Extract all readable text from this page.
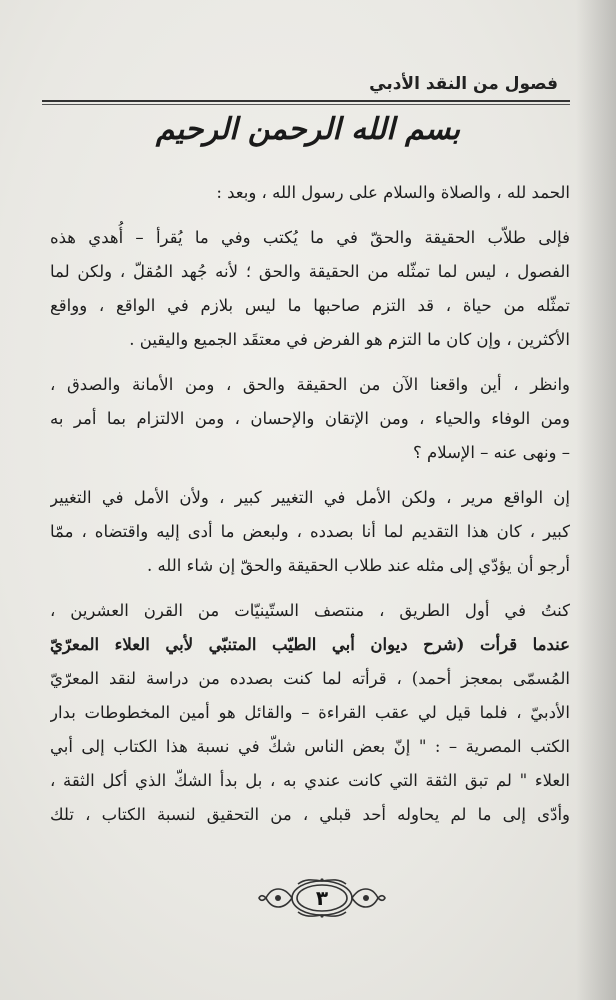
فصول من النقد الأدبي
بسم الله الرحمن الرحيم
الحمد لله ، والصلاة والسلام على رسول الله ، وبعد :
فإلى طلاّب الحقيقة والحقّ في ما يُكتب وفي ما يُقرأ – أُهدي هذه
الفصول ، ليس لما تمثّله من الحقيقة والحق ؛ لأنه جُهد المُقلّ ، ولكن لما
تمثّله من حياة ، قد التزم صاحبها ما ليس بلازم في الواقع ، وواقع
الأكثرين ، وإن كان ما التزم هو الفرض في معتقَد الجميع واليقين .
وانظر ، أين واقعنا الآن من الحقيقة والحق ، ومن الأمانة والصدق ،
ومن الوفاء والحياء ، ومن الإتقان والإحسان ، ومن الالتزام بما أمر به
– ونهى عنه – الإسلام ؟
إن الواقع مرير ، ولكن الأمل في التغيير كبير ، ولأن الأمل في التغيير
كبير ، كان هذا التقديم لما أنا بصدده ، ولبعض ما أدى إليه واقتضاه ، ممّا
أرجو أن يؤدّي إلى مثله عند طلاب الحقيقة والحقّ إن شاء الله .
كنتُ في أول الطريق ، منتصف الستّينيّات من القرن العشرين ،
عندما قرأت (شرح ديوان أبي الطيّب المتنبّي لأبي العلاء المعرّيّ
المُسمّى بمعجز أحمد) ، قرأته لما كنت بصدده من دراسة لنقد المعرّيّ
الأدبيّ ، فلما قيل لي عقب القراءة – والقائل هو أمين المخطوطات بدار
الكتب المصرية – : " إنّ بعض الناس شكّ في نسبة هذا الكتاب إلى أبي
العلاء " لم تبق الثقة التي كانت عندي به ، بل بدأ الشكّ الذي أكل الثقة ،
وأدّى إلى ما لم يحاوله أحد قبلي ، من التحقيق لنسبة الكتاب ، تلك
٣
